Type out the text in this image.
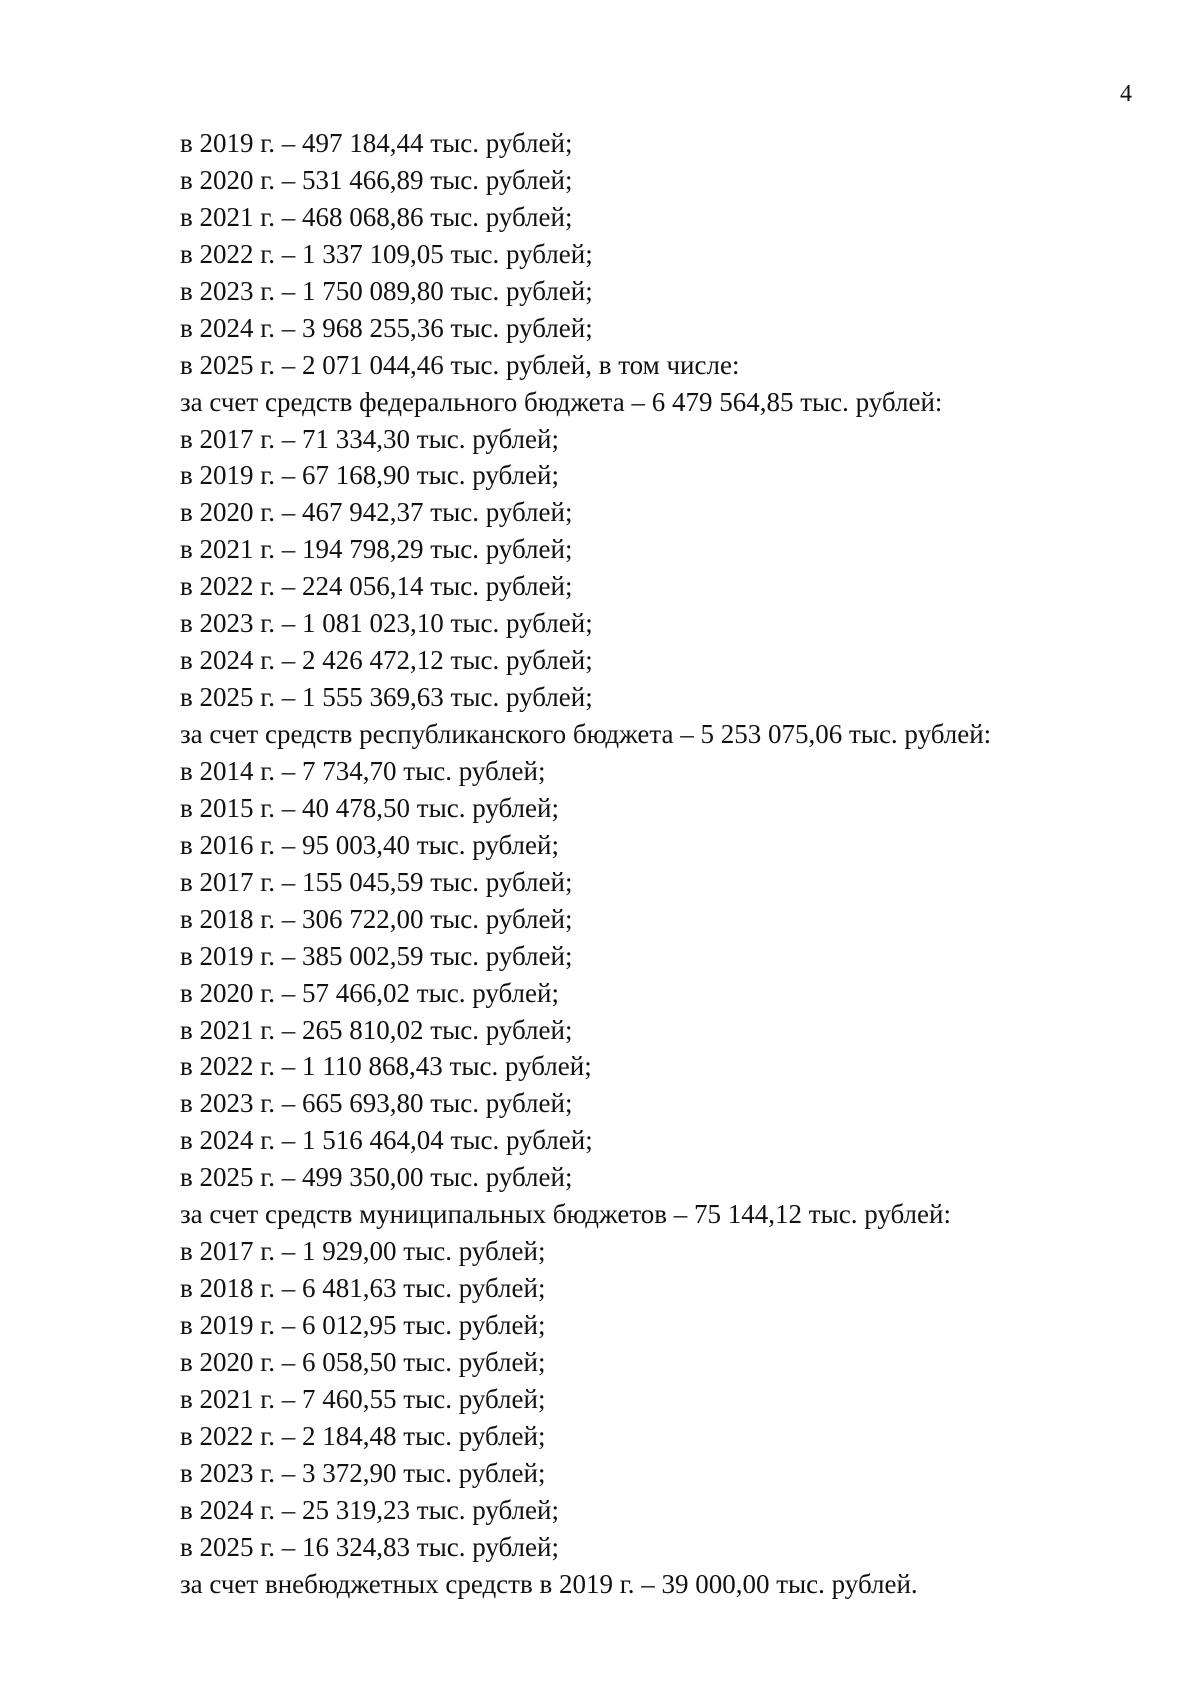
4
в 2019 г. – 497 184,44 тыс. рублей;
в 2020 г. – 531 466,89 тыс. рублей;
в 2021 г. – 468 068,86 тыс. рублей;
в 2022 г. – 1 337 109,05 тыс. рублей;
в 2023 г. – 1 750 089,80 тыс. рублей;
в 2024 г. – 3 968 255,36 тыс. рублей;
в 2025 г. – 2 071 044,46 тыс. рублей, в том числе:
за счет средств федерального бюджета – 6 479 564,85 тыс. рублей:
в 2017 г. – 71 334,30 тыс. рублей;
в 2019 г. – 67 168,90 тыс. рублей;
в 2020 г. – 467 942,37 тыс. рублей;
в 2021 г. – 194 798,29 тыс. рублей;
в 2022 г. – 224 056,14 тыс. рублей;
в 2023 г. – 1 081 023,10 тыс. рублей;
в 2024 г. – 2 426 472,12 тыс. рублей;
в 2025 г. – 1 555 369,63 тыс. рублей;
за счет средств республиканского бюджета – 5 253 075,06 тыс. рублей:
в 2014 г. – 7 734,70 тыс. рублей;
в 2015 г. – 40 478,50 тыс. рублей;
в 2016 г. – 95 003,40 тыс. рублей;
в 2017 г. – 155 045,59 тыс. рублей;
в 2018 г. – 306 722,00 тыс. рублей;
в 2019 г. – 385 002,59 тыс. рублей;
в 2020 г. – 57 466,02 тыс. рублей;
в 2021 г. – 265 810,02 тыс. рублей;
в 2022 г. – 1 110 868,43 тыс. рублей;
в 2023 г. – 665 693,80 тыс. рублей;
в 2024 г. – 1 516 464,04 тыс. рублей;
в 2025 г. – 499 350,00 тыс. рублей;
за счет средств муниципальных бюджетов – 75 144,12 тыс. рублей:
в 2017 г. – 1 929,00 тыс. рублей;
в 2018 г. – 6 481,63 тыс. рублей;
в 2019 г. – 6 012,95 тыс. рублей;
в 2020 г. – 6 058,50 тыс. рублей;
в 2021 г. – 7 460,55 тыс. рублей;
в 2022 г. – 2 184,48 тыс. рублей;
в 2023 г. – 3 372,90 тыс. рублей;
в 2024 г. – 25 319,23 тыс. рублей;
в 2025 г. – 16 324,83 тыс. рублей;
за счет внебюджетных средств в 2019 г. – 39 000,00 тыс. рублей.
